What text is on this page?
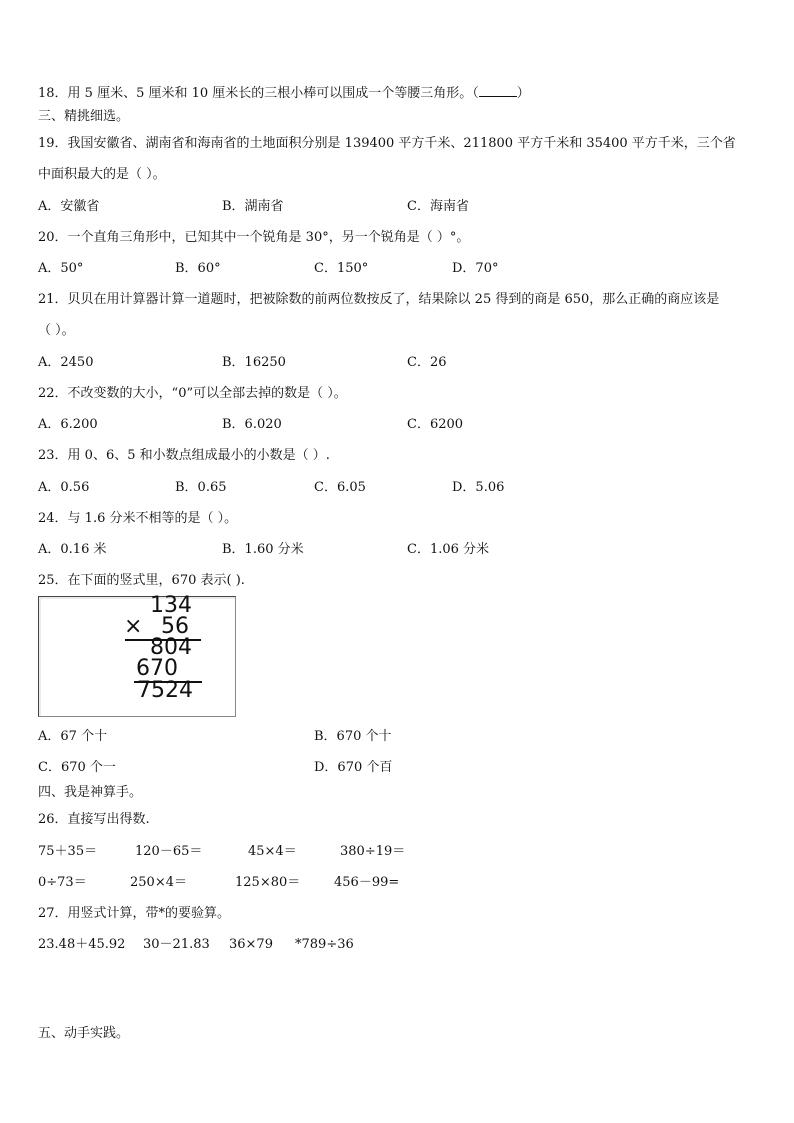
18．用 5 厘米、5 厘米和 10 厘米长的三根小棒可以围成一个等腰三角形。（	）
三、精挑细选。
19．我国安徽省、湖南省和海南省的土地面积分别是 139400 平方千米、211800 平方千米和 35400 平方千米，三个省
中面积最大的是（ ）。
A．安徽省	B．湖南省	C．海南省
20．一个直角三角形中，已知其中一个锐角是 30°，另一个锐角是（ ）°。
A．50°	B．60°	C．150°	D．70°
21．贝贝在用计算器计算一道题时，把被除数的前两位数按反了，结果除以 25 得到的商是 650，那么正确的商应该是
（ ）。
A．2450	B．16250	C．26
22．不改变数的大小，“0”可以全部去掉的数是（ ）。
A．6.200	B．6.020	C．6200
23．用 0、6、5 和小数点组成最小的小数是（ ）.
A．0.56	B．0.65	C．6.05	D．5.06
24．与 1.6 分米不相等的是（ ）。
A．0.16 米	B．1.60 分米	C．1.06 分米
25．在下面的竖式里，670 表示( ).
134
× 56
804
670
7524
A．67 个十	B．670 个十
C．670 个一	D．670 个百
四、我是神算手。
26．直接写出得数.
75＋35＝	120－65＝	45×4＝	380÷19＝
0÷73＝	250×4＝	125×80＝	456－99=
27．用竖式计算，带*的要验算。
23.48＋45.92 30－21.83 36×79 *789÷36
五、动手实践。
